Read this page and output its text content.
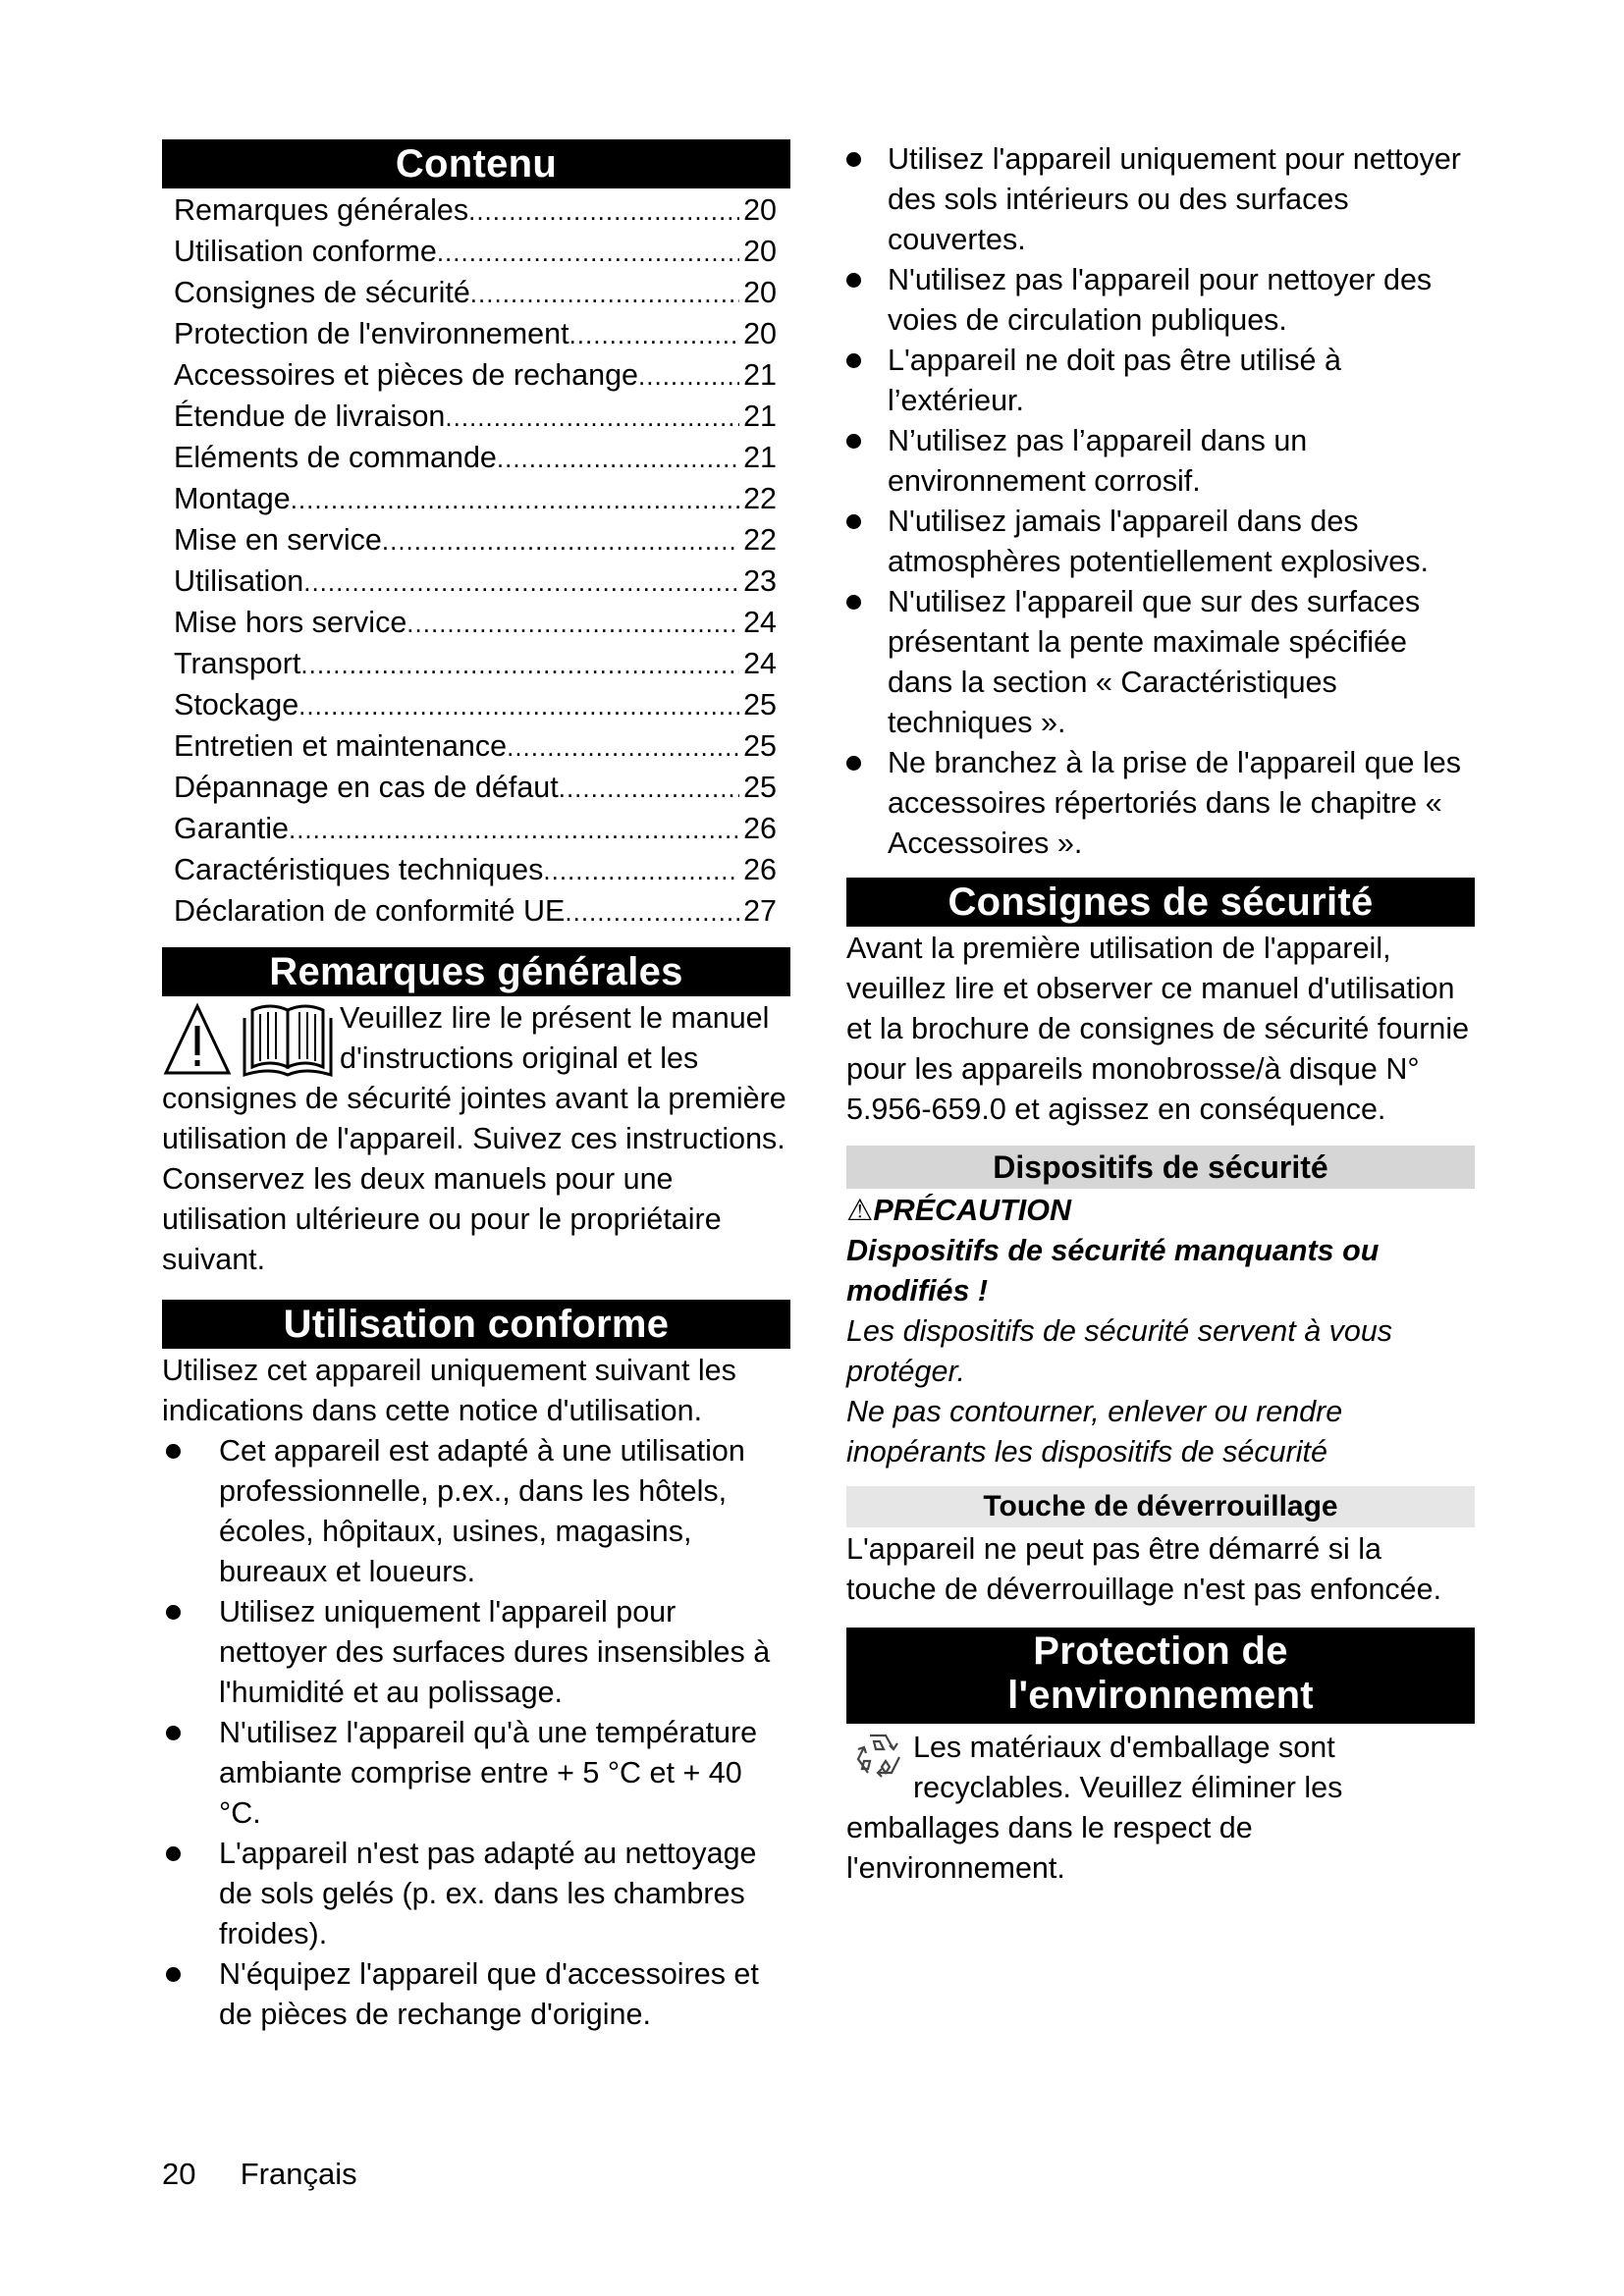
Contenu
Remarques générales .....	20
Utilisation conforme .....	20
Consignes de sécurité .....	20
Protection de l'environnement .....	20
Accessoires et pièces de rechange .....	21
Étendue de livraison .....	21
Eléments de commande .....	21
Montage .....	22
Mise en service .....	22
Utilisation .....	23
Mise hors service .....	24
Transport .....	24
Stockage .....	25
Entretien et maintenance .....	25
Dépannage en cas de défaut .....	25
Garantie .....	26
Caractéristiques techniques .....	26
Déclaration de conformité UE .....	27
Remarques générales
Veuillez lire le présent le manuel d'instructions original et les consignes de sécurité jointes avant la première utilisation de l'appareil. Suivez ces instructions.
Conservez les deux manuels pour une utilisation ultérieure ou pour le propriétaire suivant.
Utilisation conforme
Utilisez cet appareil uniquement suivant les indications dans cette notice d'utilisation.
Cet appareil est adapté à une utilisation professionnelle, p.ex., dans les hôtels, écoles, hôpitaux, usines, magasins, bureaux et loueurs.
Utilisez uniquement l'appareil pour nettoyer des surfaces dures insensibles à l'humidité et au polissage.
N'utilisez l'appareil qu'à une température ambiante comprise entre + 5 °C et + 40 °C.
L'appareil n'est pas adapté au nettoyage de sols gelés (p. ex. dans les chambres froides).
N'équipez l'appareil que d'accessoires et de pièces de rechange d'origine.
Utilisez l'appareil uniquement pour nettoyer des sols intérieurs ou des surfaces couvertes.
N'utilisez pas l'appareil pour nettoyer des voies de circulation publiques.
L'appareil ne doit pas être utilisé à l’extérieur.
N’utilisez pas l’appareil dans un environnement corrosif.
N'utilisez jamais l'appareil dans des atmosphères potentiellement explosives.
N'utilisez l'appareil que sur des surfaces présentant la pente maximale spécifiée dans la section « Caractéristiques techniques ».
Ne branchez à la prise de l'appareil que les accessoires répertoriés dans le chapitre « Accessoires ».
Consignes de sécurité
Avant la première utilisation de l'appareil, veuillez lire et observer ce manuel d'utilisation et la brochure de consignes de sécurité fournie pour les appareils monobrosse/à disque N° 5.956-659.0 et agissez en conséquence.
Dispositifs de sécurité
⚠PRÉCAUTION
Dispositifs de sécurité manquants ou modifiés !
Les dispositifs de sécurité servent à vous protéger.
Ne pas contourner, enlever ou rendre inopérants les dispositifs de sécurité
Touche de déverrouillage
L'appareil ne peut pas être démarré si la touche de déverrouillage n'est pas enfoncée.
Protection de
l'environnement
Les matériaux d'emballage sont recyclables. Veuillez éliminer les emballages dans le respect de l'environnement.
20 Français
